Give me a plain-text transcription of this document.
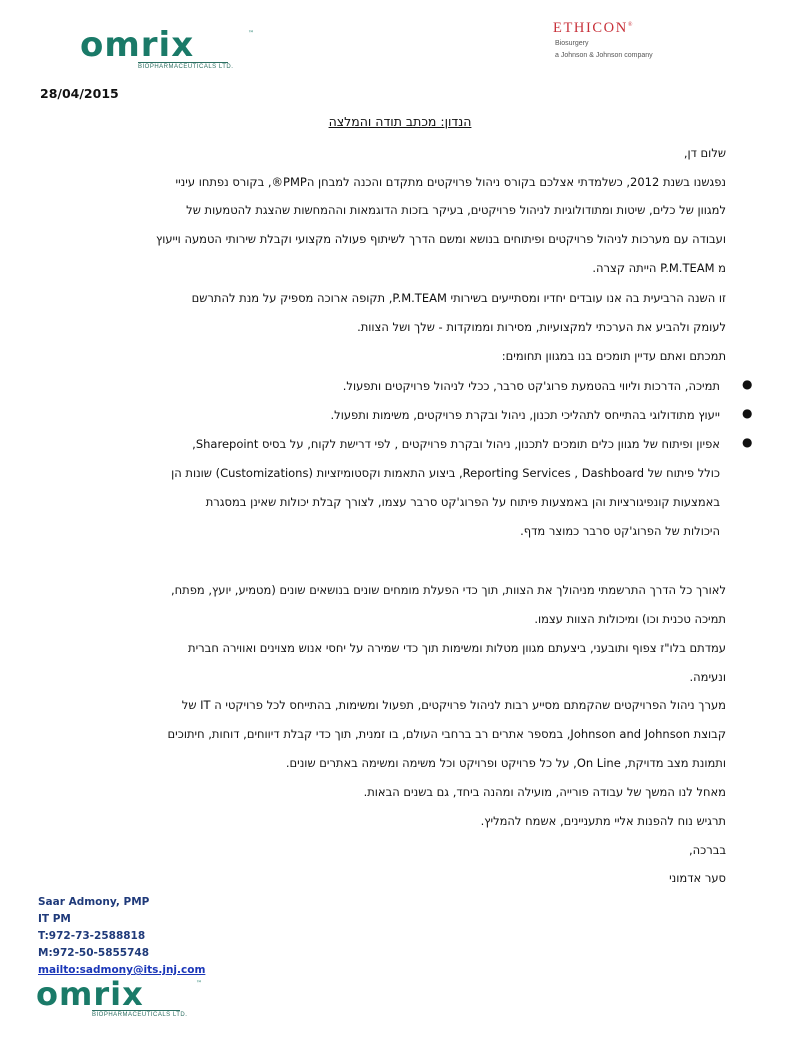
omrix
BIOPHARMACEUTICALS LTD.
™	ETHICON®
Biosurgery
a Johnson & Johnson company
28/04/2015
הנדון: מכתב תודה והמלצה
שלום דן,
נפגשנו בשנת 2012, כשלמדתי אצלכם בקורס ניהול פרויקטים מתקדם והכנה למבחן הPMP®, בקורס נפתחו עיניי
למגוון של כלים, שיטות ומתודולוגיות לניהול פרויקטים, בעיקר בזכות הדוגמאות וההמחשות שהצגת להטמעות של
ועבודה עם מערכות לניהול פרויקטים ופיתוחים בנושא ומשם הדרך לשיתוף פעולה מקצועי וקבלת שירותי הטמעה וייעוץ
מ P.M.TEAM הייתה קצרה.
זו השנה הרביעית בה אנו עובדים יחדיו ומסתייעים בשירותי P.M.TEAM, תקופה ארוכה מספיק על מנת להתרשם
לעומק ולהביע את הערכתי למקצועיות, מסירות וממוקדות - שלך ושל הצוות.
תמכתם ואתם עדיין תומכים בנו במגוון תחומים:
●
תמיכה, הדרכות וליווי בהטמעת פרוג'קט סרבר, ככלי לניהול פרויקטים ותפעול.
●
ייעוץ מתודולוגי בהתייחס לתהליכי תכנון, ניהול ובקרת פרויקטים, משימות ותפעול.
●
אפיון ופיתוח של מגוון כלים תומכים לתכנון, ניהול ובקרת פרויקטים , לפי דרישת לקוח, על בסיס Sharepoint,
כולל פיתוח של Reporting Services , Dashboard, ביצוע התאמות וקסטומיזציות (Customizations) שונות הן
באמצעות קונפיגורציות והן באמצעות פיתוח על הפרוג'קט סרבר עצמו, לצורך קבלת יכולות שאינן במסגרת
היכולות של הפרוג'קט סרבר כמוצר מדף.
לאורך כל הדרך התרשמתי מניהולך את הצוות, תוך כדי הפעלת מומחים שונים בנושאים שונים (מטמיע, יועץ, מפתח,
תמיכה טכנית וכו) ומיכולות הצוות עצמו.
עמדתם בלו"ז צפוף ותובעני, ביצעתם מגוון מטלות ומשימות תוך כדי שמירה על יחסי אנוש מצוינים ואווירה חברית
ונעימה.
מערך ניהול הפרויקטים שהקמתם מסייע רבות לניהול פרויקטים, תפעול ומשימות, בהתייחס לכל פרויקטי ה IT של
קבוצת Johnson and Johnson, במספר אתרים רב ברחבי העולם, בו זמנית, תוך כדי קבלת דיווחים, דוחות, חיתוכים
ותמונת מצב מדויקת, On Line, על כל פרויקט ופרויקט וכל משימה ומשימה באתרים שונים.
מאחל לנו המשך של עבודה פורייה, מועילה ומהנה ביחד, גם בשנים הבאות.
תרגיש נוח להפנות אליי מתעניינים, אשמח להמליץ.
בברכה,
סער אדמוני
Saar Admony, PMP
IT PM
T:972-73-2588818
M:972-50-5855748
mailto:sadmony@its.jnj.com
omrix
BIOPHARMACEUTICALS LTD.
™
